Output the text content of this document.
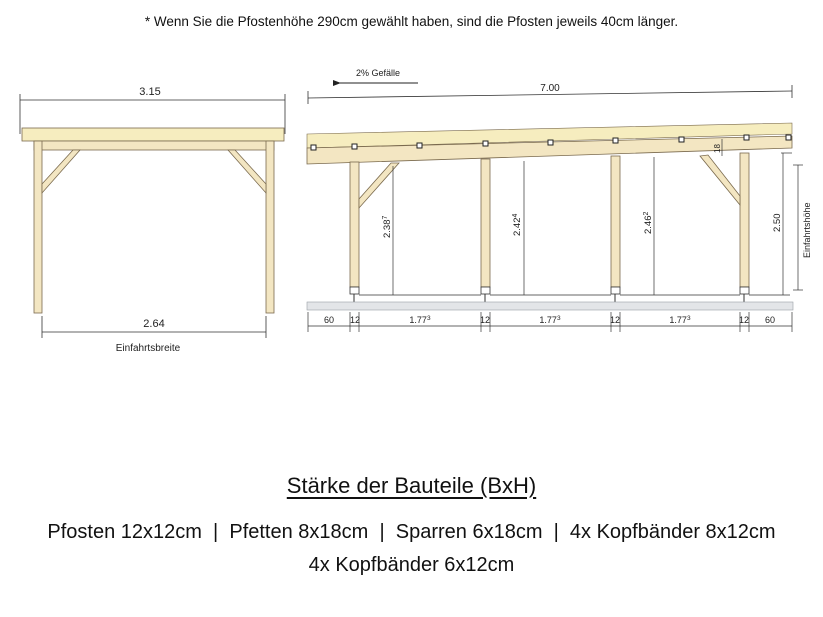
* Wenn Sie die Pfostenhöhe 290cm gewählt haben, sind die Pfosten jeweils 40cm länger.
3.15
2.64
Einfahrtsbreite
2% Gefälle
7.00
18
2.38$^7$	2.42$^4$	2.46$^2$	2.50 Einfahrtshöhe
60 12	1.77$^3$	12	1.77$^3$	12	1.77$^3$	12 60
Stärke der Bauteile (BxH)
Pfosten 12x12cm  |  Pfetten 8x18cm  |  Sparren 6x18cm  |  4x Kopfbänder 8x12cm
4x Kopfbänder 6x12cm
